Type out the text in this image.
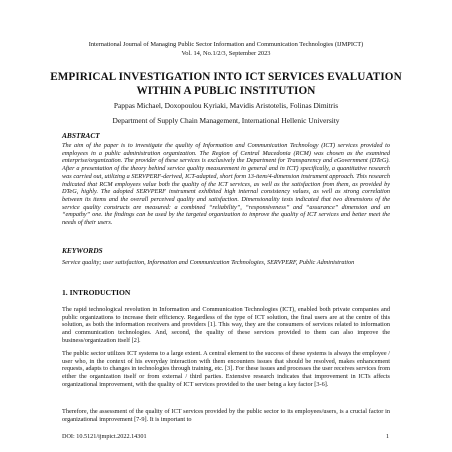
International Journal of Managing Public Sector Information and Communication Technologies (IJMPICT)
Vol. 14, No.1/2/3, September 2023
EMPIRICAL INVESTIGATION INTO ICT SERVICES EVALUATION WITHIN A PUBLIC INSTITUTION
Pappas Michael, Doxopoulou Kyriaki, Mavidis Aristotelis, Folinas Dimitris
Department of Supply Chain Management, International Hellenic University
ABSTRACT
The aim of the paper is to investigate the quality of Information and Communication Technology (ICT) services provided to employees in a public administration organization. The Region of Central Macedonia (RCM) was chosen as the examined enterprise/organization. The provider of these services is exclusively the Department for Transparency and eGovernment (DTeG). After a presentation of the theory behind service quality measurement in general and in ICT) specifically, a quantitative research was carried out, utilizing a SERVPERF-derived, ICT-adapted, short form 13-item/4-dimension instrument approach. This research indicated that RCM employees value both the quality of the ICT services, as well as the satisfaction from them, as provided by DTeG, highly. The adopted SERVPERF instrument exhibited high internal consistency values, as well as strong correlation between its items and the overall perceived quality and satisfaction. Dimensionality tests indicated that two dimensions of the service quality constructs are measured: a combined “reliability”, “responsiveness” and “assurance” dimension and an “empathy” one. the findings can be used by the targeted organization to improve the quality of ICT services and better meet the needs of their users.
KEYWORDS
Service quality; user satisfaction, Information and Communication Technologies, SERVPERF, Public Administration
1. INTRODUCTION
The rapid technological revolution in Information and Communication Technologies (ICT), enabled both private companies and public organizations to increase their efficiency. Regardless of the type of ICT solution, the final users are at the centre of this solution, as both the information receivers and providers [1]. This way, they are the consumers of services related to information and communication technologies. And, second, the quality of these services provided to them can also improve the business/organization itself [2].
The public sector utilizes ICT systems to a large extent. A central element to the success of these systems is always the employee / user who, in the context of his everyday interaction with them encounters issues that should be resolved, makes enhancement requests, adapts to changes in technologies through training, etc. [3]. For these issues and processes the user receives services from either the organization itself or from external / third parties. Extensive research indicates that improvement in ICTs affects organizational improvement, with the quality of ICT services provided to the user being a key factor [3-6].
Therefore, the assessment of the quality of ICT services provided by the public sector to its employees/users, is a crucial factor in organizational improvement [7-9]. It is important to
DOI: 10.5121/ijmpict.2022.14301	1
